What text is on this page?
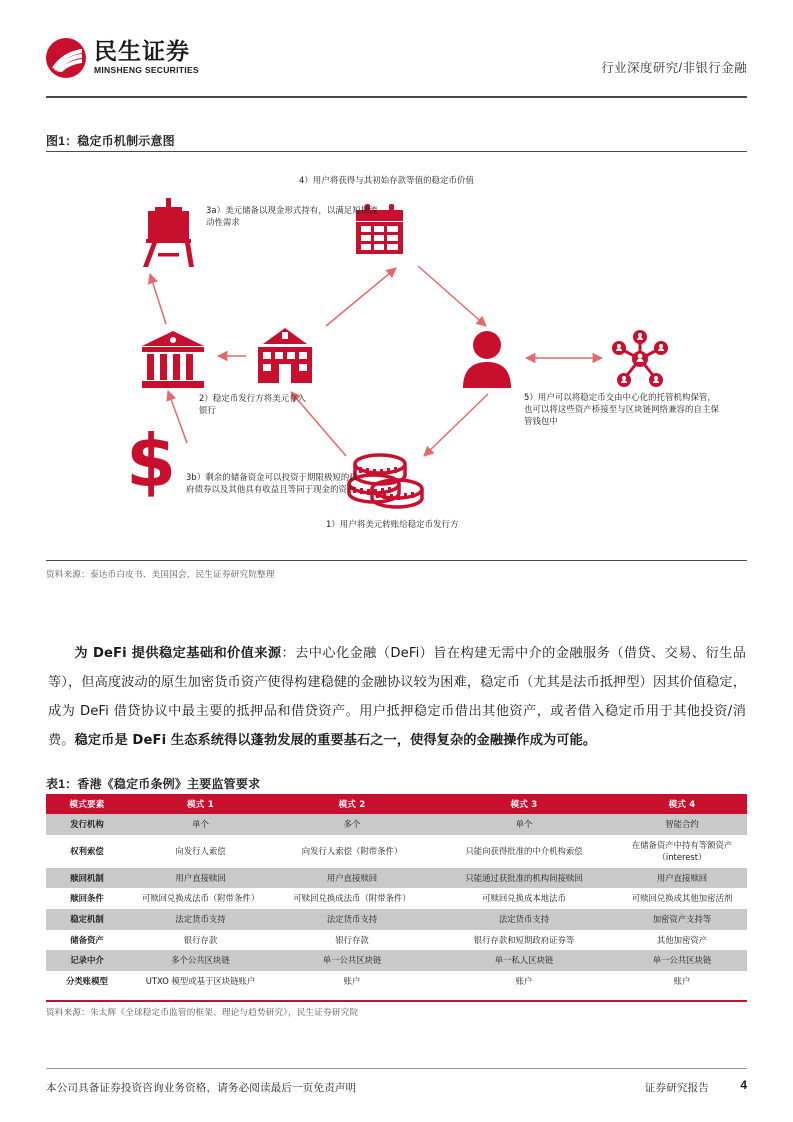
民生证券
MINSHENG SECURITIES	行业深度研究/非银行金融
图1：稳定币机制示意图
$
3a）美元储备以现金形式持有，以满足短期流动性需求
4）用户将获得与其初始存款等值的稳定币价值
2）稳定币发行方将美元存入银行
5）用户可以将稳定币交由中心化的托管机构保管，也可以将这些资产桥接至与区块链网络兼容的自主保管钱包中
3b）剩余的储备资金可以投资于期限极短的政府债券以及其他具有收益且等同于现金的资产
1）用户将美元转账给稳定币发行方
资料来源：泰达币白皮书、美国国会，民生证券研究院整理

为 DeFi 提供稳定基础和价值来源：去中心化金融（DeFi）旨在构建无需中介的金融服务（借贷、交易、衍生品等），但高度波动的原生加密货币资产使得构建稳健的金融协议较为困难，稳定币（尤其是法币抵押型）因其价值稳定，成为 DeFi 借贷协议中最主要的抵押品和借贷资产。用户抵押稳定币借出其他资产，或者借入稳定币用于其他投资/消费。稳定币是 DeFi 生态系统得以蓬勃发展的重要基石之一，使得复杂的金融操作成为可能。

表1：香港《稳定币条例》主要监管要求
模式要素	模式 1	模式 2	模式 3	模式 4
发行机构	单个	多个	单个	智能合约
权利索偿	向发行人索偿	向发行人索偿（附带条件）	只能向获得批准的中介机构索偿	在储备资产中持有等额资产（interest）
赎回机制	用户直接赎回	用户直接赎回	只能通过获批准的机构间接赎回	用户直接赎回
赎回条件	可赎回兑换成法币（附带条件）	可赎回兑换成法币（附带条件）	可赎回兑换成本地法币	可赎回兑换成其他加密活剂
稳定机制	法定货币支持	法定货币支持	法定货币支持	加密资产支持等
储备资产	银行存款	银行存款	银行存款和短期政府证券等	其他加密资产
记录中介	多个公共区块链	单一公共区块链	单一私人区块链	单一公共区块链
分类账模型	UTXO 模型或基于区块链账户	账户	账户	账户
资料来源：朱太辉《全球稳定币监管的框架、理论与趋势研究》，民生证券研究院
本公司具备证券投资咨询业务资格，请务必阅读最后一页免责声明	证券研究报告	4
